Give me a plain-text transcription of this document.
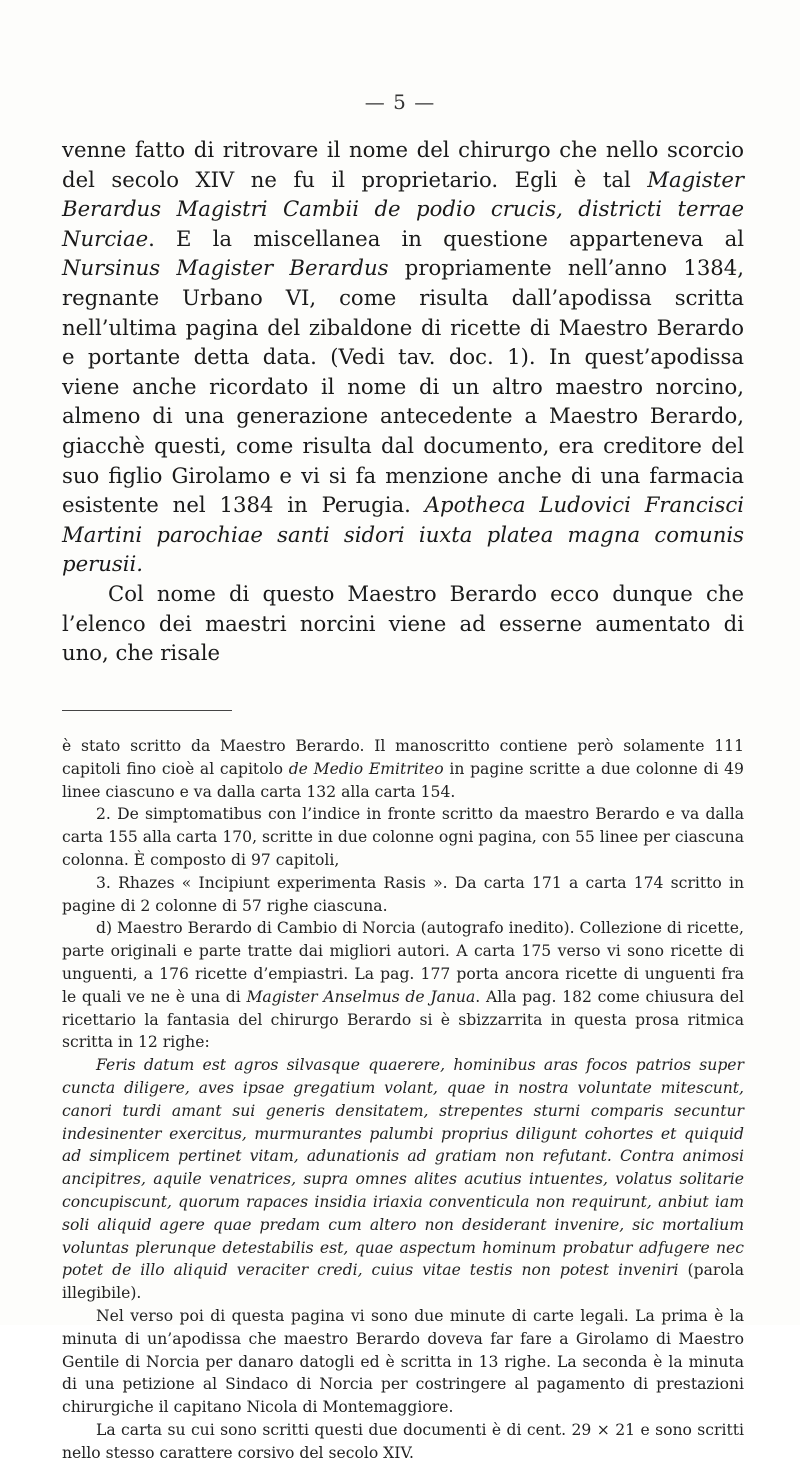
— 5 —

venne fatto di ritrovare il nome del chirurgo che nello scorcio del secolo XIV ne fu il proprietario. Egli è tal Magister Berardus Magistri Cambii de podio crucis, districti terrae Nurciae. E la miscellanea in questione apparteneva al Nursinus Magister Berardus propriamente nell’anno 1384, regnante Urbano VI, come risulta dall’apodissa scritta nell’ultima pagina del zibaldone di ricette di Maestro Berardo e portante detta data. (Vedi tav. doc. 1). In quest’apodissa viene anche ricordato il nome di un altro maestro norcino, almeno di una generazione antecedente a Maestro Berardo, giacchè questi, come risulta dal documento, era creditore del suo figlio Girolamo e vi si fa menzione anche di una farmacia esistente nel 1384 in Perugia. Apotheca Ludovici Francisci Martini parochiae santi sidori iuxta platea magna comunis perusii.

Col nome di questo Maestro Berardo ecco dunque che l’elenco dei maestri norcini viene ad esserne aumentato di uno, che risale

è stato scritto da Maestro Berardo. Il manoscritto contiene però solamente 111 capitoli fino cioè al capitolo de Medio Emitriteo in pagine scritte a due colonne di 49 linee ciascuno e va dalla carta 132 alla carta 154.

2. De simptomatibus con l’indice in fronte scritto da maestro Berardo e va dalla carta 155 alla carta 170, scritte in due colonne ogni pagina, con 55 linee per ciascuna colonna. È composto di 97 capitoli,

3. Rhazes « Incipiunt experimenta Rasis ». Da carta 171 a carta 174 scritto in pagine di 2 colonne di 57 righe ciascuna.

d) Maestro Berardo di Cambio di Norcia (autografo inedito). Collezione di ricette, parte originali e parte tratte dai migliori autori. A carta 175 verso vi sono ricette di unguenti, a 176 ricette d’empiastri. La pag. 177 porta ancora ricette di unguenti fra le quali ve ne è una di Magister Anselmus de Janua. Alla pag. 182 come chiusura del ricettario la fantasia del chirurgo Berardo si è sbizzarrita in questa prosa ritmica scritta in 12 righe:

Feris datum est agros silvasque quaerere, hominibus aras focos patrios super cuncta diligere, aves ipsae gregatium volant, quae in nostra voluntate mitescunt, canori turdi amant sui generis densitatem, strepentes sturni comparis secuntur indesinenter exercitus, murmurantes palumbi proprius diligunt cohortes et quiquid ad simplicem pertinet vitam, adunationis ad gratiam non refutant. Contra animosi ancipitres, aquile venatrices, supra omnes alites acutius intuentes, volatus solitarie concupiscunt, quorum rapaces insidia iriaxia conventicula non requirunt, anbiut iam soli aliquid agere quae predam cum altero non desiderant invenire, sic mortalium voluntas plerunque detestabilis est, quae aspectum hominum probatur adfugere nec potet de illo aliquid veraciter credi, cuius vitae testis non potest inveniri (parola illegibile).

Nel verso poi di questa pagina vi sono due minute di carte legali. La prima è la minuta di un’apodissa che maestro Berardo doveva far fare a Girolamo di Maestro Gentile di Norcia per danaro datogli ed è scritta in 13 righe. La seconda è la minuta di una petizione al Sindaco di Norcia per costringere al pagamento di prestazioni chirurgiche il capitano Nicola di Montemaggiore.

La carta su cui sono scritti questi due documenti è di cent. 29 × 21 e sono scritti nello stesso carattere corsivo del secolo XIV.
